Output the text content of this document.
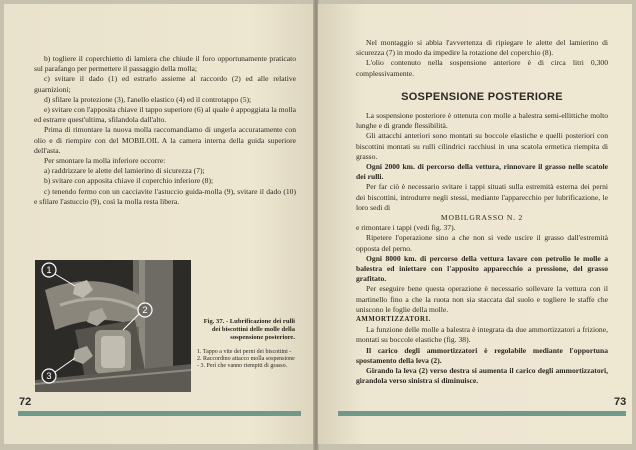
b) togliere il coperchietto di lamiera che chiude il foro opportunamente praticato sul parafango per permettere il passaggio della molla;

c) svitare il dado (1) ed estrarlo assieme al raccordo (2) ed alle relative guarnizioni;

d) sfilare la protezione (3), l'anello elastico (4) ed il controtappo (5);

e) svitare con l'apposita chiave il tappo superiore (6) al quale è appoggiata la molla ed estrarre quest'ultima, sfilandola dall'alto.

Prima di rimontare la nuova molla raccomandiamo di ungerla accuratamente con olio e di riempire con del MOBILOIL A la camera interna della guida superiore dell'asta.

Per smontare la molla inferiore occorre:

a) raddrizzare le alette del lamierino di sicurezza (7);

b) svitare con apposita chiave il coperchio inferiore (8);

c) tenendo fermo con un cacciavite l'astuccio guida-molla (9), svitare il dado (10) e sfilare l'astuccio (9), così la molla resta libera.

1
2
3
Fig. 37. - Lubrificazione dei rulli dei biscottini delle molle della sospensione posteriore.
1. Tappo a vite dei perni dei biscottini - 2. Raccordino attacco molla sospensione - 3. Perì che vanno riempiti di grasso.
72

Nel montaggio si abbia l'avvertenza di ripiegare le alette del lamierino di sicurezza (7) in modo da impedire la rotazione del coperchio (8).

L'olio contenuto nella sospensione anteriore è di circa litri 0,300 complessivamente.

SOSPENSIONE POSTERIORE

La sospensione posteriore è ottenuta con molle a balestra semi-ellittiche molto lunghe e di grande flessibilità.

Gli attacchi anteriori sono montati su boccole elastiche e quelli posteriori con biscottini montati su rulli cilindrici racchiusi in una scatola ermetica riempita di grasso.

Ogni 2000 km. di percorso della vettura, rinnovare il grasso nelle scatole dei rulli.

Per far ciò è necessario svitare i tappi situati sulla estremità esterna dei perni dei biscottini, introdurre negli stessi, mediante l'apparecchio per lubrificazione, le loro sedi di

MOBILGRASSO N. 2

e rimontare i tappi (vedi fig. 37).

Ripetere l'operazione sino a che non si vede uscire il grasso dall'estremità opposta del perno.

Ogni 8000 km. di percorso della vettura lavare con petrolio le molle a balestra ed iniettare con l'apposito apparecchio a pressione, del grasso grafitato.

Per eseguire bene questa operazione è necessario sollevare la vettura con il martinello fino a che la ruota non sia staccata dal suolo e togliere le staffe che uniscono le foglie della molle.

AMMORTIZZATORI.

La funzione delle molle a balestra è integrata da due ammortizzatori a frizione, montati su boccole elastiche (fig. 38).

Il carico degli ammortizzatori è regolabile mediante l'opportuna spostamento della leva (2).

Girando la leva (2) verso destra si aumenta il carico degli ammortizzatori, girandola verso sinistra si diminuisce.

73
